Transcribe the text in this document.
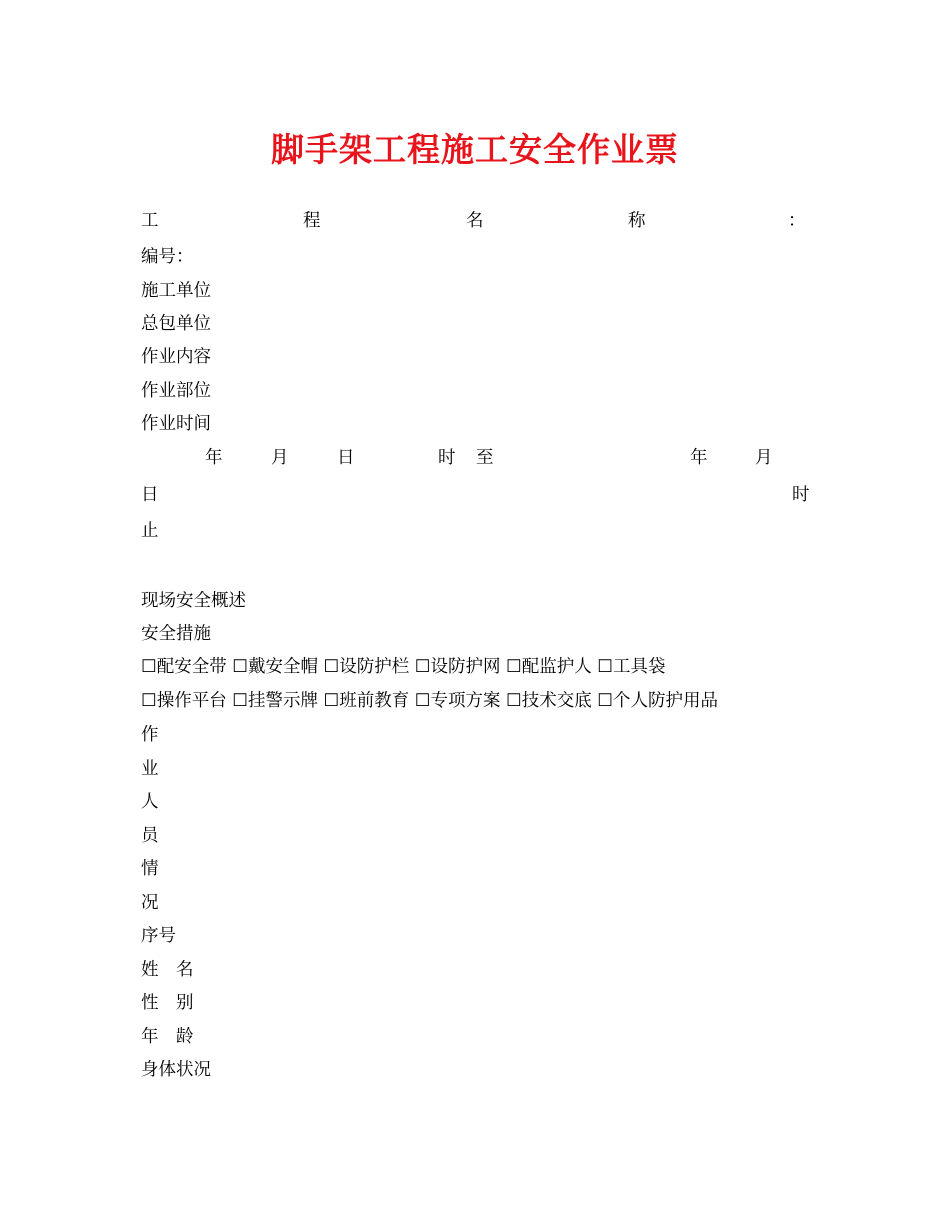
脚手架工程施工安全作业票
工	程	名	称	：
编号：
施工单位
总包单位
作业内容
作业部位
作业时间
年	月	日	时 至	年	月
日	时
止
现场安全概述
安全措施
☐配安全带 ☐戴安全帽 ☐设防护栏 ☐设防护网 ☐配监护人 ☐工具袋
☐操作平台 ☐挂警示牌 ☐班前教育 ☐专项方案 ☐技术交底 ☐个人防护用品
作
业
人
员
情
况
序号
姓　名
性　别
年　龄
身体状况
